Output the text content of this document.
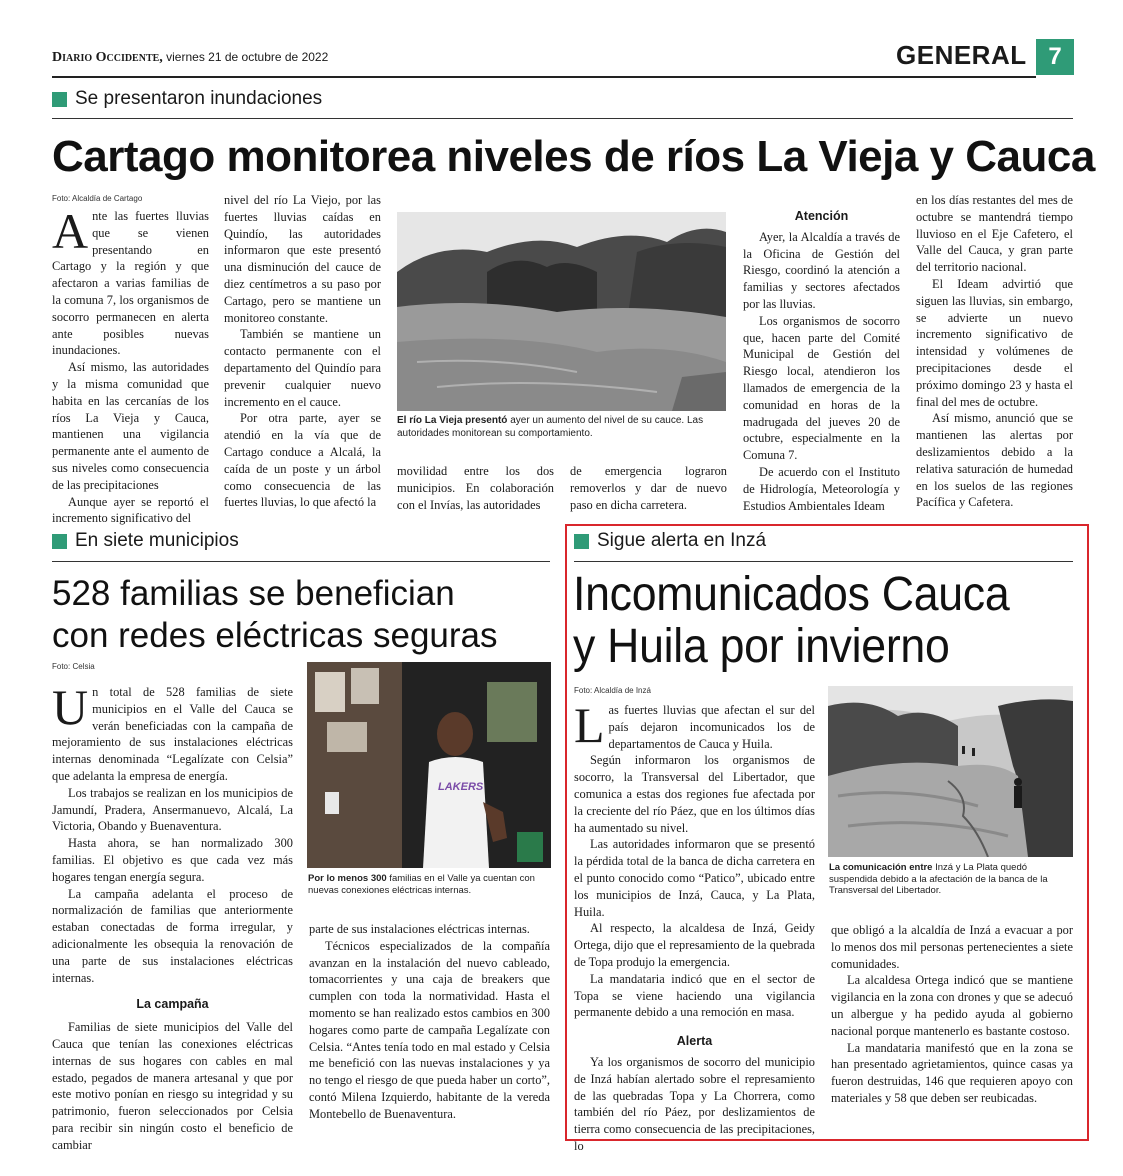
Diario Occidente, viernes 21 de octubre de 2022	GENERAL 7
Se presentaron inundaciones
Cartago monitorea niveles de ríos La Vieja y Cauca
Foto: Alcaldía de Cartago

Ante las fuertes lluvias que se vienen presentando en Cartago y la región y que afectaron a varias familias de la comuna 7, los organismos de socorro permanecen en alerta ante posibles nuevas inundaciones.

Así mismo, las autoridades y la misma comunidad que habita en las cercanías de los ríos La Vieja y Cauca, mantienen una vigilancia permanente ante el aumento de sus niveles como consecuencia de las precipitaciones

Aunque ayer se reportó el incremento significativo del

nivel del río La Viejo, por las fuertes lluvias caídas en Quindío, las autoridades informaron que este presentó una disminución del cauce de diez centímetros a su paso por Cartago, pero se mantiene un monitoreo constante.

También se mantiene un contacto permanente con el departamento del Quindío para prevenir cualquier nuevo incremento en el cauce.

Por otra parte, ayer se atendió en la vía que de Cartago conduce a Alcalá, la caída de un poste y un árbol como consecuencia de las fuertes lluvias, lo que afectó la

El río La Vieja presentó ayer un aumento del nivel de su cauce. Las autoridades monitorean su comportamiento.

movilidad entre los dos municipios. En colaboración con el Invías, las autoridades

de emergencia lograron removerlos y dar de nuevo paso en dicha carretera.

Atención

Ayer, la Alcaldía a través de la Oficina de Gestión del Riesgo, coordinó la atención a familias y sectores afectados por las lluvias.

Los organismos de socorro que, hacen parte del Comité Municipal de Gestión del Riesgo local, atendieron los llamados de emergencia de la comunidad en horas de la madrugada del jueves 20 de octubre, especialmente en la Comuna 7.

De acuerdo con el Instituto de Hidrología, Meteorología y Estudios Ambientales Ideam

en los días restantes del mes de octubre se mantendrá tiempo lluvioso en el Eje Cafetero, el Valle del Cauca, y gran parte del territorio nacional.

El Ideam advirtió que siguen las lluvias, sin embargo, se advierte un nuevo incremento significativo de intensidad y volúmenes de precipitaciones desde el próximo domingo 23 y hasta el final del mes de octubre.

Así mismo, anunció que se mantienen las alertas por deslizamientos debido a la relativa saturación de humedad en los suelos de las regiones Pacífica y Cafetera.

En siete municipios
528 familias se benefician
con redes eléctricas seguras
Foto: Celsia

Un total de 528 familias de siete municipios en el Valle del Cauca se verán beneficiadas con la campaña de mejoramiento de sus instalaciones eléctricas internas denominada “Legalízate con Celsia” que adelanta la empresa de energía.

Los trabajos se realizan en los municipios de Jamundí, Pradera, Ansermanuevo, Alcalá, La Victoria, Obando y Buenaventura.

Hasta ahora, se han normalizado 300 familias. El objetivo es que cada vez más hogares tengan energía segura.

La campaña adelanta el proceso de normalización de familias que anteriormente estaban conectadas de forma irregular, y adicionalmente les obsequia la renovación de una parte de sus instalaciones eléctricas internas.

La campaña

Familias de siete municipios del Valle del Cauca que tenían las conexiones eléctricas internas de sus hogares con cables en mal estado, pegados de manera artesanal y que por este motivo ponían en riesgo su integridad y su patrimonio, fueron seleccionados por Celsia para recibir sin ningún costo el beneficio de cambiar

LAKERS
Por lo menos 300 familias en el Valle ya cuentan con nuevas conexiones eléctricas internas.

parte de sus instalaciones eléctricas internas.

Técnicos especializados de la compañía avanzan en la instalación del nuevo cableado, tomacorrientes y una caja de breakers que cumplen con toda la normatividad. Hasta el momento se han realizado estos cambios en 300 hogares como parte de campaña Legalízate con Celsia. “Antes tenía todo en mal estado y Celsia me benefició con las nuevas instalaciones y ya no tengo el riesgo de que pueda haber un corto”, contó Milena Izquierdo, habitante de la vereda Montebello de Buenaventura.

Sigue alerta en Inzá
Incomunicados Cauca
y Huila por invierno
Foto: Alcaldía de Inzá

Las fuertes lluvias que afectan el sur del país dejaron incomunicados los de departamentos de Cauca y Huila.

Según informaron los organismos de socorro, la Transversal del Libertador, que comunica a estas dos regiones fue afectada por la creciente del río Páez, que en los últimos días ha aumentado su nivel.

Las autoridades informaron que se presentó la pérdida total de la banca de dicha carretera en el punto conocido como “Patico”, ubicado entre los municipios de Inzá, Cauca, y La Plata, Huila.

Al respecto, la alcaldesa de Inzá, Geidy Ortega, dijo que el represamiento de la quebrada de Topa produjo la emergencia.

La mandataria indicó que en el sector de Topa se viene haciendo una vigilancia permanente debido a una remoción en masa.

Alerta

Ya los organismos de socorro del municipio de Inzá habían alertado sobre el represamiento de las quebradas Topa y La Chorrera, como también del río Páez, por deslizamientos de tierra como consecuencia de las precipitaciones, lo

La comunicación entre Inzá y La Plata quedó suspendida debido a la afectación de la banca de la Transversal del Libertador.

que obligó a la alcaldía de Inzá a evacuar a por lo menos dos mil personas pertenecientes a siete comunidades.

La alcaldesa Ortega indicó que se mantiene vigilancia en la zona con drones y que se adecuó un albergue y ha pedido ayuda al gobierno nacional porque mantenerlo es bastante costoso.

La mandataria manifestó que en la zona se han presentado agrietamientos, quince casas ya fueron destruidas, 146 que requieren apoyo con materiales y 58 que deben ser reubicadas.
